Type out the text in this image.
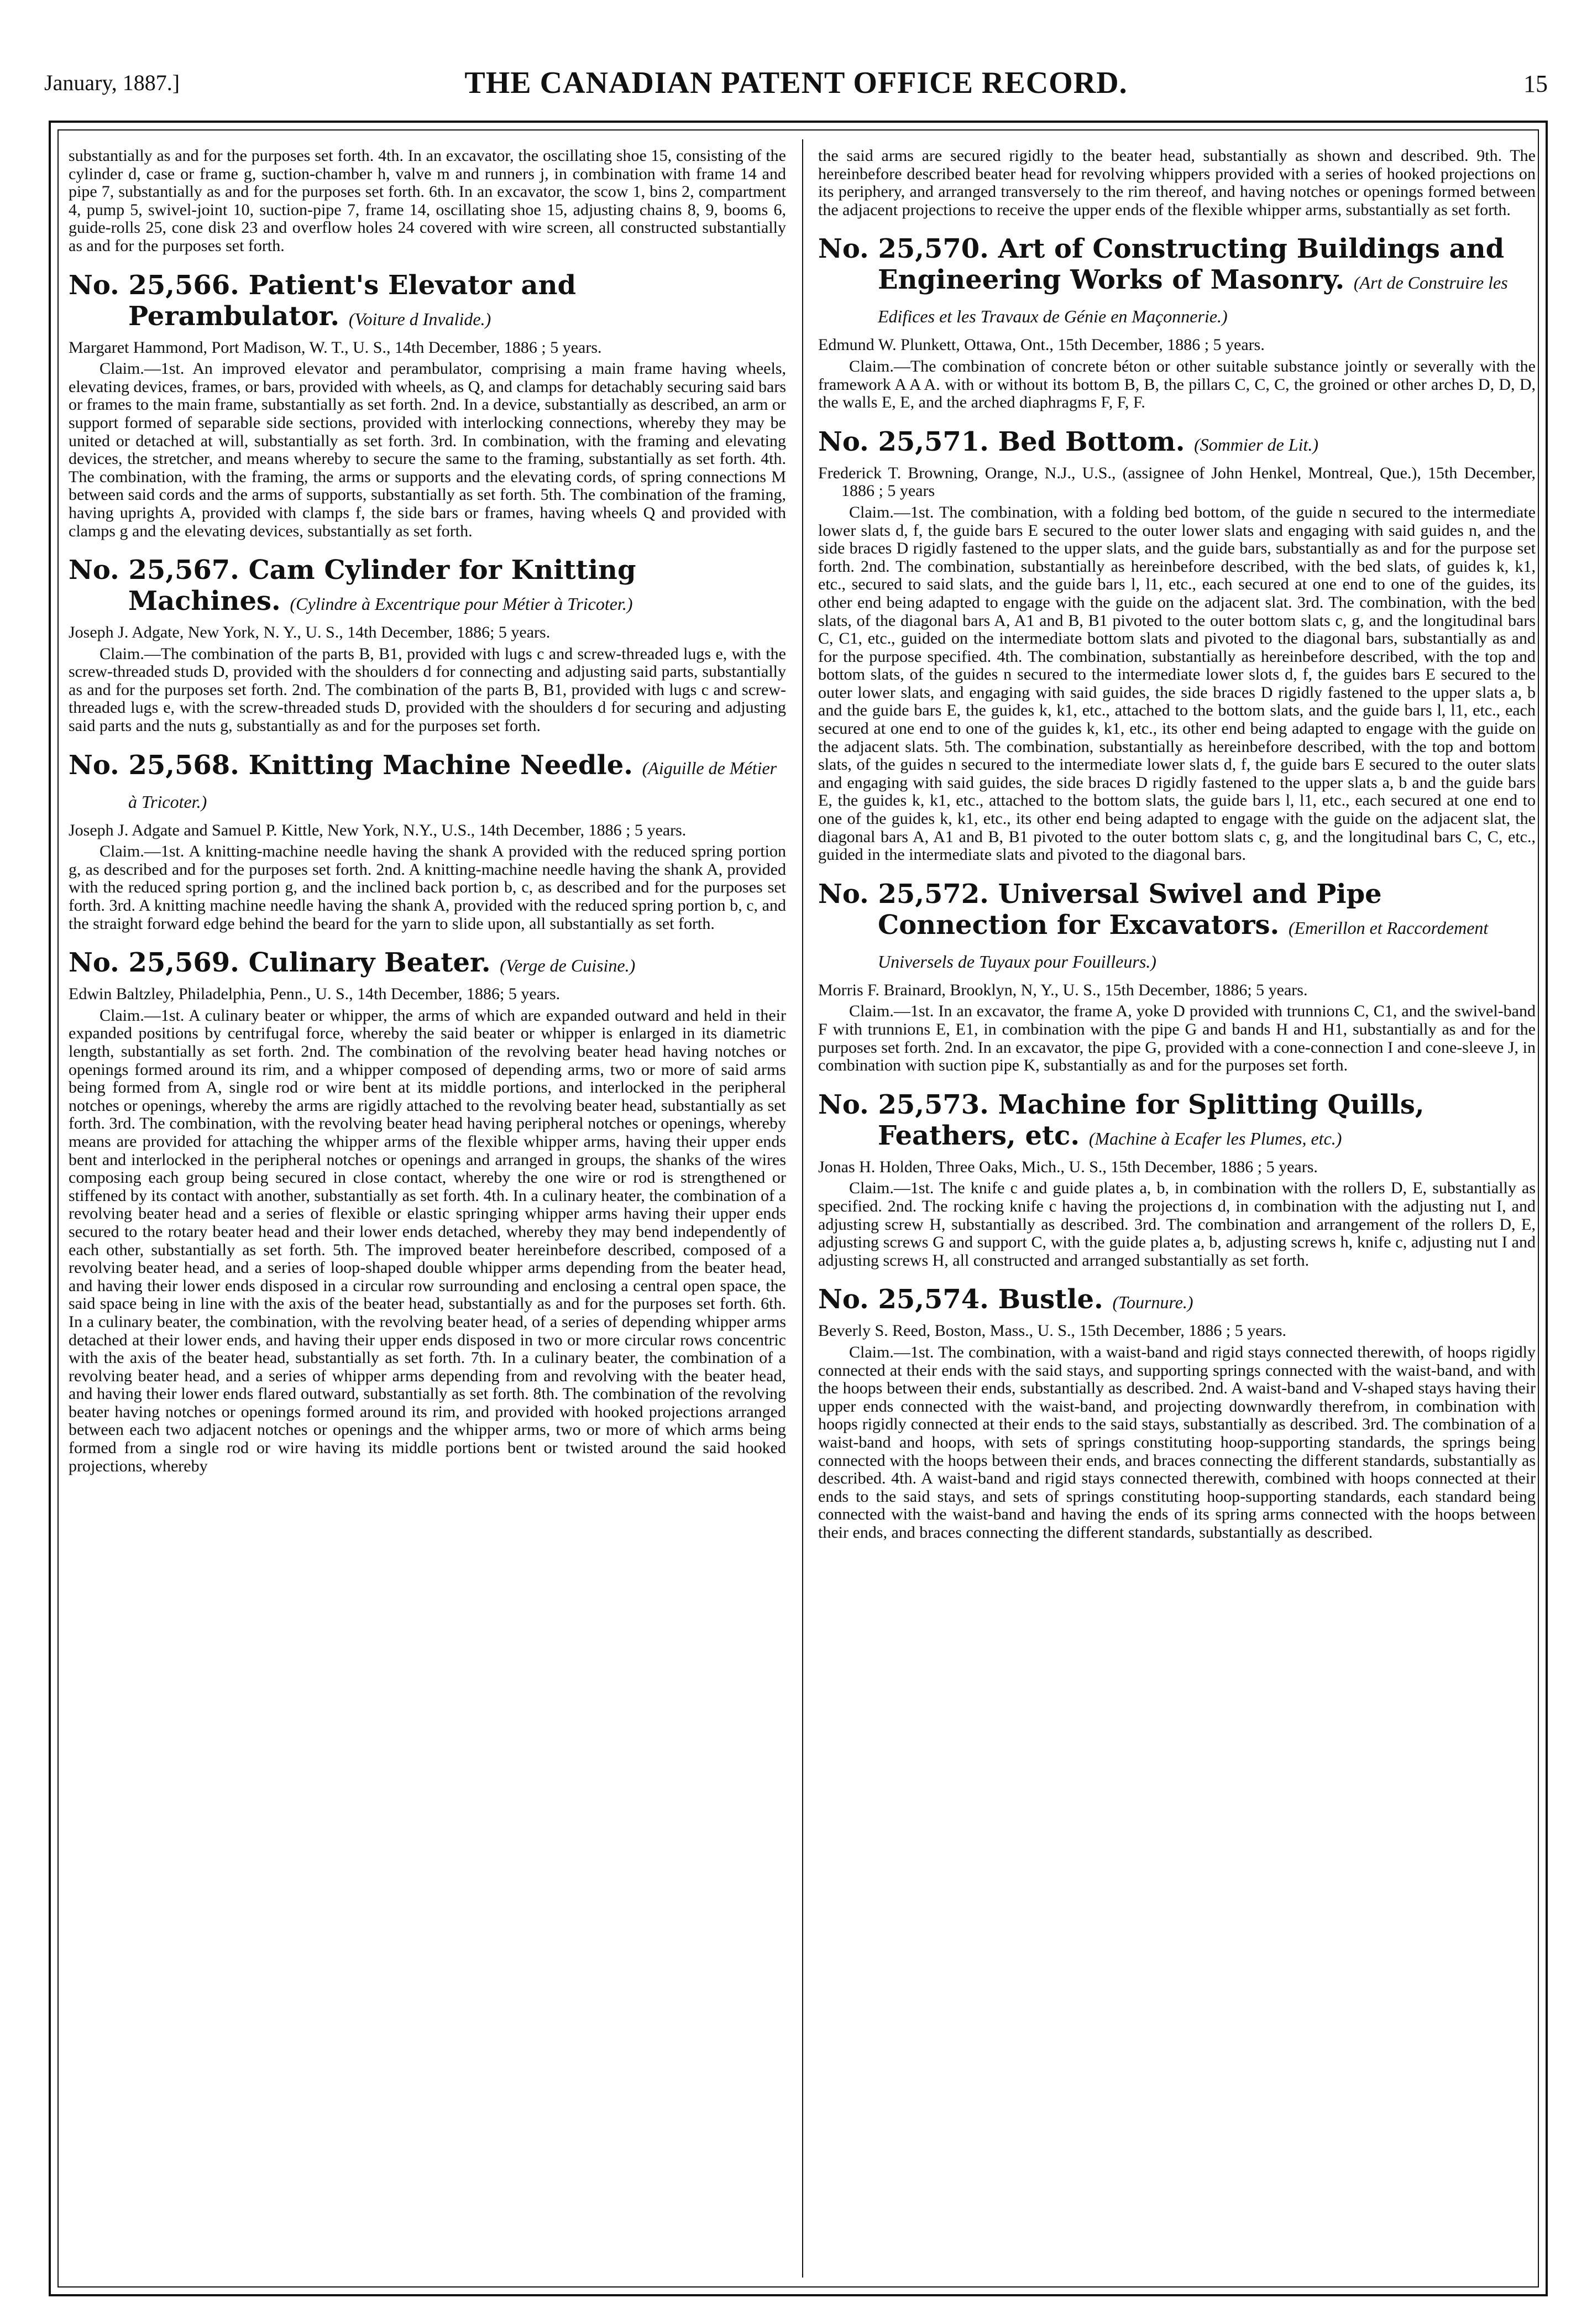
January, 1887.]	THE CANADIAN PATENT OFFICE RECORD.	15

substantially as and for the purposes set forth. 4th. In an excavator, the oscillating shoe 15, consisting of the cylinder d, case or frame g, suction-chamber h, valve m and runners j, in combination with frame 14 and pipe 7, substantially as and for the purposes set forth. 6th. In an excavator, the scow 1, bins 2, compartment 4, pump 5, swivel-joint 10, suction-pipe 7, frame 14, oscillating shoe 15, adjusting chains 8, 9, booms 6, guide-rolls 25, cone disk 23 and overflow holes 24 covered with wire screen, all constructed substantially as and for the purposes set forth.

No. 25,566. Patient's Elevator and Perambulator. (Voiture d Invalide.)

Margaret Hammond, Port Madison, W. T., U. S., 14th December, 1886 ; 5 years.

Claim.—1st. An improved elevator and perambulator, comprising a main frame having wheels, elevating devices, frames, or bars, provided with wheels, as Q, and clamps for detachably securing said bars or frames to the main frame, substantially as set forth. 2nd. In a device, substantially as described, an arm or support formed of separable side sections, provided with interlocking connections, whereby they may be united or detached at will, substantially as set forth. 3rd. In combination, with the framing and elevating devices, the stretcher, and means whereby to secure the same to the framing, substantially as set forth. 4th. The combination, with the framing, the arms or supports and the elevating cords, of spring connections M between said cords and the arms of supports, substantially as set forth. 5th. The combination of the framing, having uprights A, provided with clamps f, the side bars or frames, having wheels Q and provided with clamps g and the elevating devices, substantially as set forth.

No. 25,567. Cam Cylinder for Knitting Machines. (Cylindre à Excentrique pour Métier à Tricoter.)

Joseph J. Adgate, New York, N. Y., U. S., 14th December, 1886; 5 years.

Claim.—The combination of the parts B, B1, provided with lugs c and screw-threaded lugs e, with the screw-threaded studs D, provided with the shoulders d for connecting and adjusting said parts, substantially as and for the purposes set forth. 2nd. The combination of the parts B, B1, provided with lugs c and screw-threaded lugs e, with the screw-threaded studs D, provided with the shoulders d for securing and adjusting said parts and the nuts g, substantially as and for the purposes set forth.

No. 25,568. Knitting Machine Needle. (Aiguille de Métier à Tricoter.)

Joseph J. Adgate and Samuel P. Kittle, New York, N.Y., U.S., 14th December, 1886 ; 5 years.

Claim.—1st. A knitting-machine needle having the shank A provided with the reduced spring portion g, as described and for the purposes set forth. 2nd. A knitting-machine needle having the shank A, provided with the reduced spring portion g, and the inclined back portion b, c, as described and for the purposes set forth. 3rd. A knitting machine needle having the shank A, provided with the reduced spring portion b, c, and the straight forward edge behind the beard for the yarn to slide upon, all substantially as set forth.

No. 25,569. Culinary Beater. (Verge de Cuisine.)

Edwin Baltzley, Philadelphia, Penn., U. S., 14th December, 1886; 5 years.

Claim.—1st. A culinary beater or whipper, the arms of which are expanded outward and held in their expanded positions by centrifugal force, whereby the said beater or whipper is enlarged in its diametric length, substantially as set forth. 2nd. The combination of the revolving beater head having notches or openings formed around its rim, and a whipper composed of depending arms, two or more of said arms being formed from A, single rod or wire bent at its middle portions, and interlocked in the peripheral notches or openings, whereby the arms are rigidly attached to the revolving beater head, substantially as set forth. 3rd. The combination, with the revolving beater head having peripheral notches or openings, whereby means are provided for attaching the whipper arms of the flexible whipper arms, having their upper ends bent and interlocked in the peripheral notches or openings and arranged in groups, the shanks of the wires composing each group being secured in close contact, whereby the one wire or rod is strengthened or stiffened by its contact with another, substantially as set forth. 4th. In a culinary heater, the combination of a revolving beater head and a series of flexible or elastic springing whipper arms having their upper ends secured to the rotary beater head and their lower ends detached, whereby they may bend independently of each other, substantially as set forth. 5th. The improved beater hereinbefore described, composed of a revolving beater head, and a series of loop-shaped double whipper arms depending from the beater head, and having their lower ends disposed in a circular row surrounding and enclosing a central open space, the said space being in line with the axis of the beater head, substantially as and for the purposes set forth. 6th. In a culinary beater, the combination, with the revolving beater head, of a series of depending whipper arms detached at their lower ends, and having their upper ends disposed in two or more circular rows concentric with the axis of the beater head, substantially as set forth. 7th. In a culinary beater, the combination of a revolving beater head, and a series of whipper arms depending from and revolving with the beater head, and having their lower ends flared outward, substantially as set forth. 8th. The combination of the revolving beater having notches or openings formed around its rim, and provided with hooked projections arranged between each two adjacent notches or openings and the whipper arms, two or more of which arms being formed from a single rod or wire having its middle portions bent or twisted around the said hooked projections, whereby

the said arms are secured rigidly to the beater head, substantially as shown and described. 9th. The hereinbefore described beater head for revolving whippers provided with a series of hooked projections on its periphery, and arranged transversely to the rim thereof, and having notches or openings formed between the adjacent projections to receive the upper ends of the flexible whipper arms, substantially as set forth.

No. 25,570. Art of Constructing Buildings and Engineering Works of Masonry. (Art de Construire les Edifices et les Travaux de Génie en Maçonnerie.)

Edmund W. Plunkett, Ottawa, Ont., 15th December, 1886 ; 5 years.

Claim.—The combination of concrete béton or other suitable substance jointly or severally with the framework A A A. with or without its bottom B, B, the pillars C, C, C, the groined or other arches D, D, D, the walls E, E, and the arched diaphragms F, F, F.

No. 25,571. Bed Bottom. (Sommier de Lit.)

Frederick T. Browning, Orange, N.J., U.S., (assignee of John Henkel, Montreal, Que.), 15th December, 1886 ; 5 years

Claim.—1st. The combination, with a folding bed bottom, of the guide n secured to the intermediate lower slats d, f, the guide bars E secured to the outer lower slats and engaging with said guides n, and the side braces D rigidly fastened to the upper slats, and the guide bars, substantially as and for the purpose set forth. 2nd. The combination, substantially as hereinbefore described, with the bed slats, of guides k, k1, etc., secured to said slats, and the guide bars l, l1, etc., each secured at one end to one of the guides, its other end being adapted to engage with the guide on the adjacent slat. 3rd. The combination, with the bed slats, of the diagonal bars A, A1 and B, B1 pivoted to the outer bottom slats c, g, and the longitudinal bars C, C1, etc., guided on the intermediate bottom slats and pivoted to the diagonal bars, substantially as and for the purpose specified. 4th. The combination, substantially as hereinbefore described, with the top and bottom slats, of the guides n secured to the intermediate lower slots d, f, the guides bars E secured to the outer lower slats, and engaging with said guides, the side braces D rigidly fastened to the upper slats a, b and the guide bars E, the guides k, k1, etc., attached to the bottom slats, and the guide bars l, l1, etc., each secured at one end to one of the guides k, k1, etc., its other end being adapted to engage with the guide on the adjacent slats. 5th. The combination, substantially as hereinbefore described, with the top and bottom slats, of the guides n secured to the intermediate lower slats d, f, the guide bars E secured to the outer slats and engaging with said guides, the side braces D rigidly fastened to the upper slats a, b and the guide bars E, the guides k, k1, etc., attached to the bottom slats, the guide bars l, l1, etc., each secured at one end to one of the guides k, k1, etc., its other end being adapted to engage with the guide on the adjacent slat, the diagonal bars A, A1 and B, B1 pivoted to the outer bottom slats c, g, and the longitudinal bars C, C, etc., guided in the intermediate slats and pivoted to the diagonal bars.

No. 25,572. Universal Swivel and Pipe Connection for Excavators. (Emerillon et Raccordement Universels de Tuyaux pour Fouilleurs.)

Morris F. Brainard, Brooklyn, N, Y., U. S., 15th December, 1886; 5 years.

Claim.—1st. In an excavator, the frame A, yoke D provided with trunnions C, C1, and the swivel-band F with trunnions E, E1, in combination with the pipe G and bands H and H1, substantially as and for the purposes set forth. 2nd. In an excavator, the pipe G, provided with a cone-connection I and cone-sleeve J, in combination with suction pipe K, substantially as and for the purposes set forth.

No. 25,573. Machine for Splitting Quills, Feathers, etc. (Machine à Ecafer les Plumes, etc.)

Jonas H. Holden, Three Oaks, Mich., U. S., 15th December, 1886 ; 5 years.

Claim.—1st. The knife c and guide plates a, b, in combination with the rollers D, E, substantially as specified. 2nd. The rocking knife c having the projections d, in combination with the adjusting nut I, and adjusting screw H, substantially as described. 3rd. The combination and arrangement of the rollers D, E, adjusting screws G and support C, with the guide plates a, b, adjusting screws h, knife c, adjusting nut I and adjusting screws H, all constructed and arranged substantially as set forth.

No. 25,574. Bustle. (Tournure.)

Beverly S. Reed, Boston, Mass., U. S., 15th December, 1886 ; 5 years.

Claim.—1st. The combination, with a waist-band and rigid stays connected therewith, of hoops rigidly connected at their ends with the said stays, and supporting springs connected with the waist-band, and with the hoops between their ends, substantially as described. 2nd. A waist-band and V-shaped stays having their upper ends connected with the waist-band, and projecting downwardly therefrom, in combination with hoops rigidly connected at their ends to the said stays, substantially as described. 3rd. The combination of a waist-band and hoops, with sets of springs constituting hoop-supporting standards, the springs being connected with the hoops between their ends, and braces connecting the different standards, substantially as described. 4th. A waist-band and rigid stays connected therewith, combined with hoops connected at their ends to the said stays, and sets of springs constituting hoop-supporting standards, each standard being connected with the waist-band and having the ends of its spring arms connected with the hoops between their ends, and braces connecting the different standards, substantially as described.
